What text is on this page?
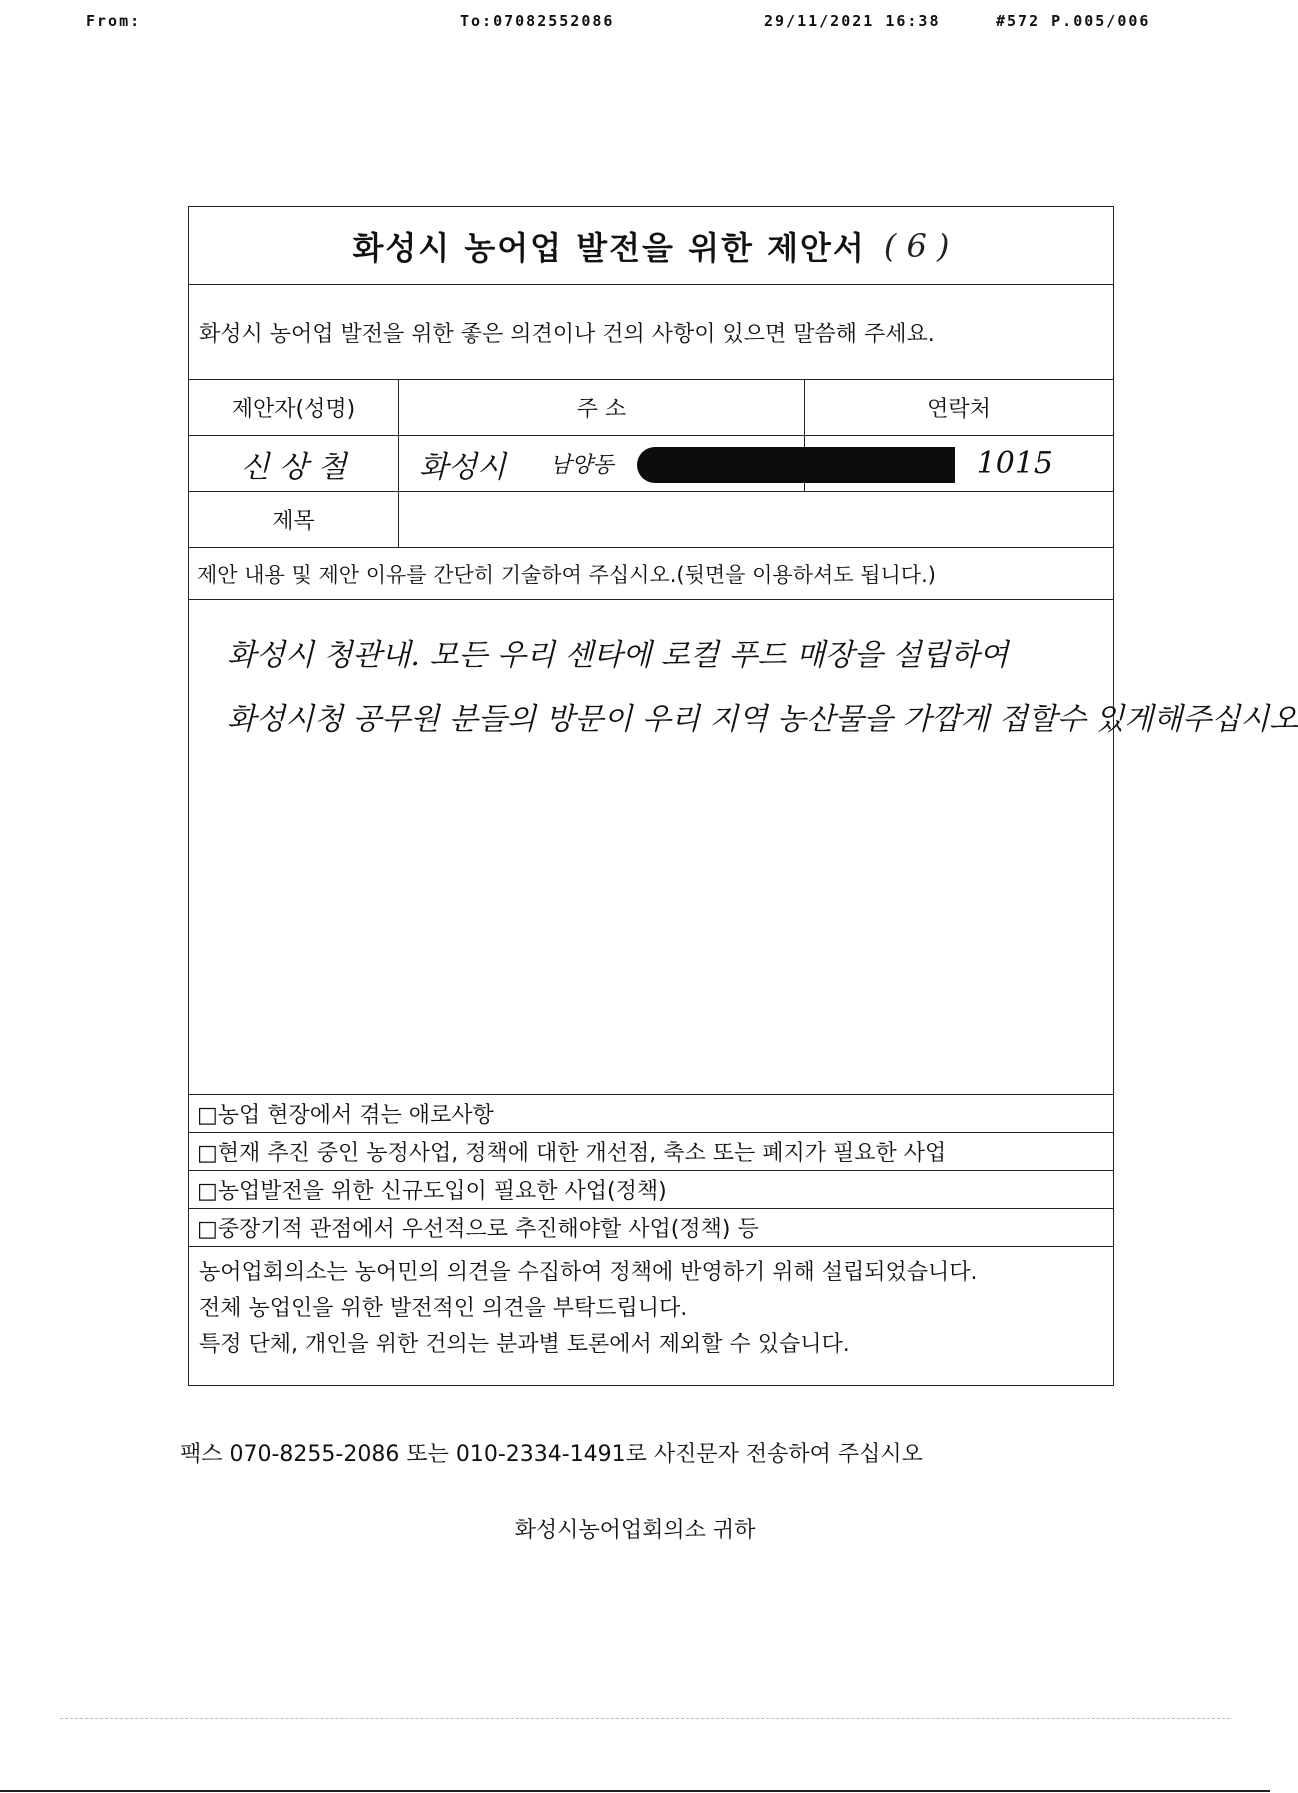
From:	To:07082552086	29/11/2021 16:38	#572 P.005/006
화성시 농어업 발전을 위한 제안서 ( 6 )
화성시 농어업 발전을 위한 좋은 의견이나 건의 사항이 있으면 말씀해 주세요.
제안자(성명)	주 소	연락처
신 상 철	화성시 남양동	1015
제목
제안 내용 및 제안 이유를 간단히 기술하여 주십시오.(뒷면을 이용하셔도 됩니다.)
화성시 청관내. 모든 우리 센타에 로컬 푸드 매장을 설립하여
화성시청 공무원 분들의 방문이 우리 지역 농산물을 가깝게 접할수 있게해주십시오
□농업 현장에서 겪는 애로사항
□현재 추진 중인 농정사업, 정책에 대한 개선점, 축소 또는 폐지가 필요한 사업
□농업발전을 위한 신규도입이 필요한 사업(정책)
□중장기적 관점에서 우선적으로 추진해야할 사업(정책) 등
농어업회의소는 농어민의 의견을 수집하여 정책에 반영하기 위해 설립되었습니다.
전체 농업인을 위한 발전적인 의견을 부탁드립니다.
특정 단체, 개인을 위한 건의는 분과별 토론에서 제외할 수 있습니다.
팩스 070-8255-2086 또는 010-2334-1491로 사진문자 전송하여 주십시오
화성시농어업회의소 귀하
